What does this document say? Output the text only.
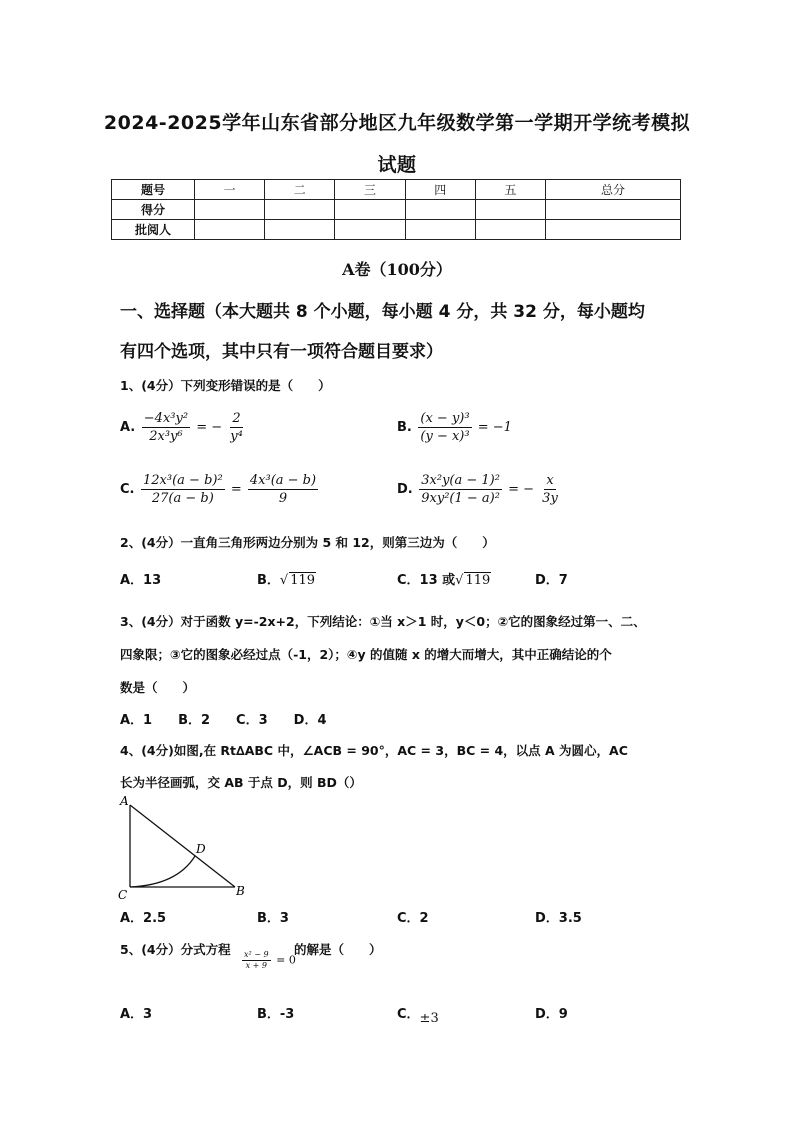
2024-2025学年山东省部分地区九年级数学第一学期开学统考模拟
试题
题号	一	二	三	四	五	总分
得分						
批阅人						
A卷（100分）
一、选择题（本大题共 8 个小题，每小题 4 分，共 32 分，每小题均
有四个选项，其中只有一项符合题目要求）
1、(4分）下列变形错误的是（　　）
A. $\frac{\text{−4x³y²}}{\text{2x³y⁶}}$ = − $\frac{2}{\text{y⁴}}$	B. $\frac{\text{(x − y)³}}{\text{(y − x)³}} = -1$
C. $\frac{\text{12x³(a − b)²}}{27(a - b)} = \frac{\text{4x³(a − b)}}{9}$	D. $\frac{\text{3x²y(a − 1)²}}{\text{9xy²(1 − a)²}}$ = − $\frac{x}{3y}$
2、(4分）一直角三角形两边分别为 5 和 12，则第三边为（　　）
A．13	B．√ 119	C．13 或√ 119	D．7
3、(4分）对于函数 y=-2x+2，下列结论：①当 x＞1 时，y＜0；②它的图象经过第一、二、
四象限；③它的图象必经过点（-1，2）；④y 的值随 x 的增大而增大，其中正确结论的个
数是（　　）
A．1　　B．2　　C．3　　D．4
4、(4分)如图,在 Rt∆ABC 中，∠ACB = 90°，AC = 3，BC = 4，以点 A 为圆心，AC
长为半径画弧，交 AB 于点 D，则 BD（）
A
D
C	B
A．2.5	B．3	C．2	D．3.5
5、(4分）分式方程	的解是（　　）
$\frac{\text{x² − 9}}{x + 9} = 0$
A．3	B．-3	C．±3	D．9
